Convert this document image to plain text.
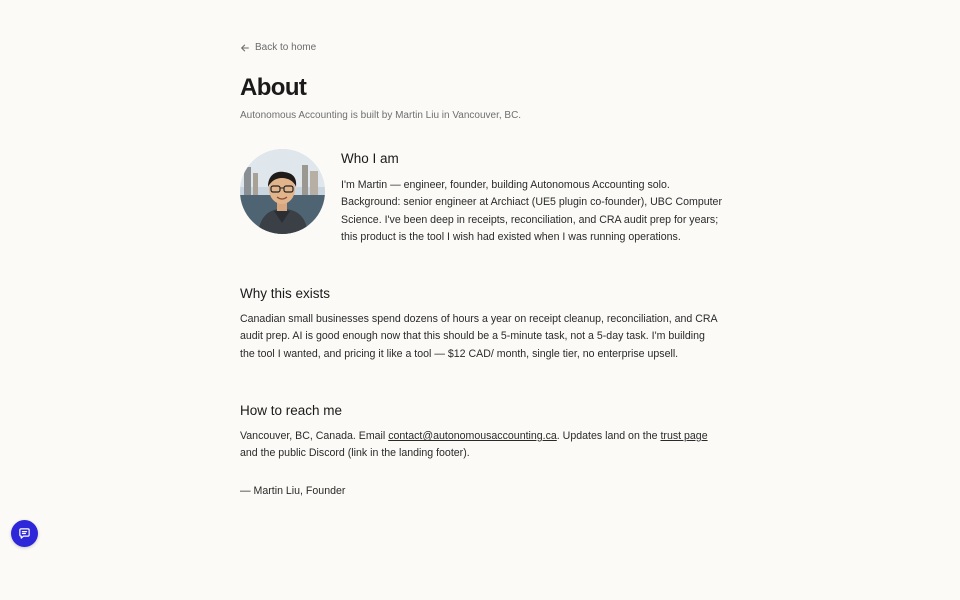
Back to home
About

Autonomous Accounting is built by Martin Liu in Vancouver, BC.

Who I am

I'm Martin — engineer, founder, building Autonomous Accounting solo. Background: senior engineer at Archiact (UE5 plugin co-founder), UBC Computer Science. I've been deep in receipts, reconciliation, and CRA audit prep for years; this product is the tool I wish had existed when I was running operations.

Why this exists

Canadian small businesses spend dozens of hours a year on receipt cleanup, reconciliation, and CRA audit prep. AI is good enough now that this should be a 5-minute task, not a 5-day task. I'm building the tool I wanted, and pricing it like a tool — $12 CAD/ month, single tier, no enterprise upsell.

How to reach me

Vancouver, BC, Canada. Email contact@autonomousaccounting.ca. Updates land on the trust page and the public Discord (link in the landing footer).

— Martin Liu, Founder
